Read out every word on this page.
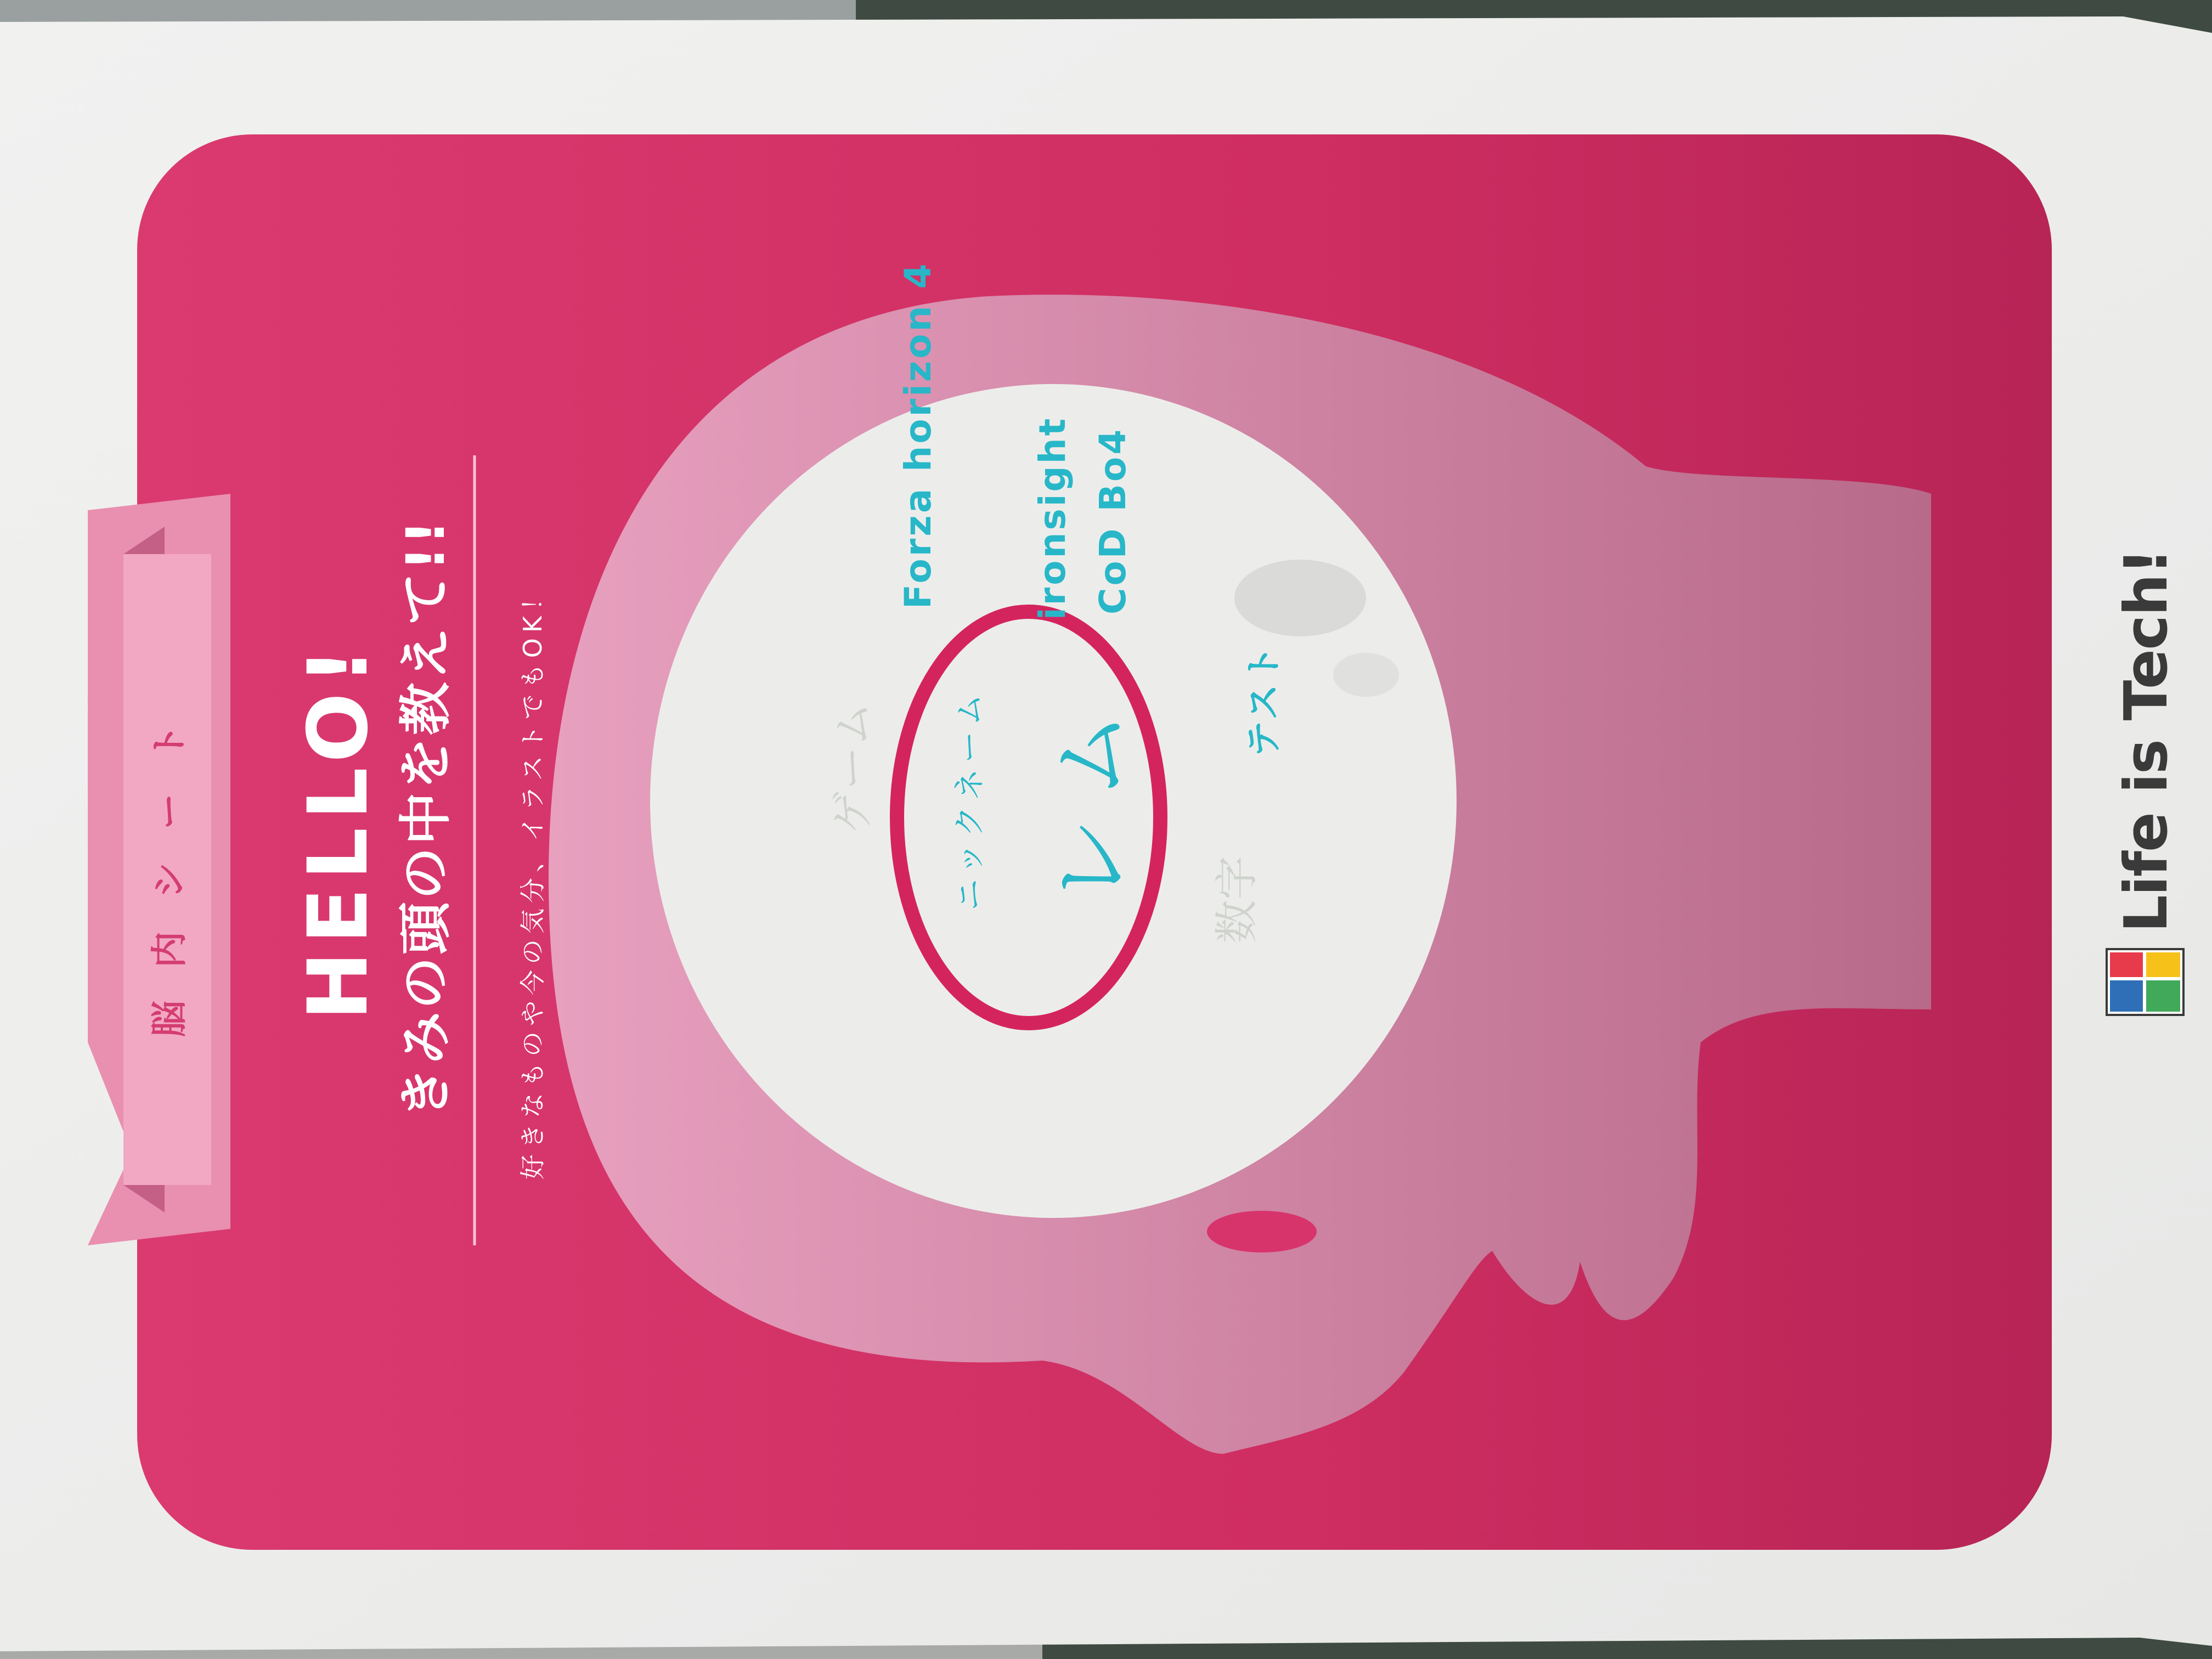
脳内シート HELLO! きみの頭の中を教えて!! 好きなものや今の気分、イラストでもOK！
Forza horizon 4	ironsight CoD Bo4
ニックネーム レム	テスト
ゲーム
数字	Life is Tech!
